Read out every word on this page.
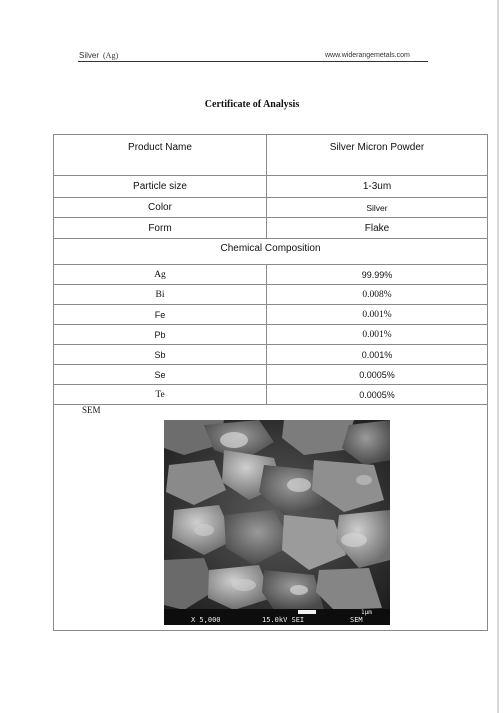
Silver (Ag)	www.widerangemetals.com
Certificate of Analysis
Product Name	Silver Micron Powder
Particle size	1-3um
Color	Silver
Form	Flake
Chemical Composition	
Ag	99.99%
Bi	0.008%
Fe	0.001%
Pb	0.001%
Sb	0.001%
Se	0.0005%
Te	0.0005%
SEM
1μm
X 5,000	15.0kV SEI	SEM
